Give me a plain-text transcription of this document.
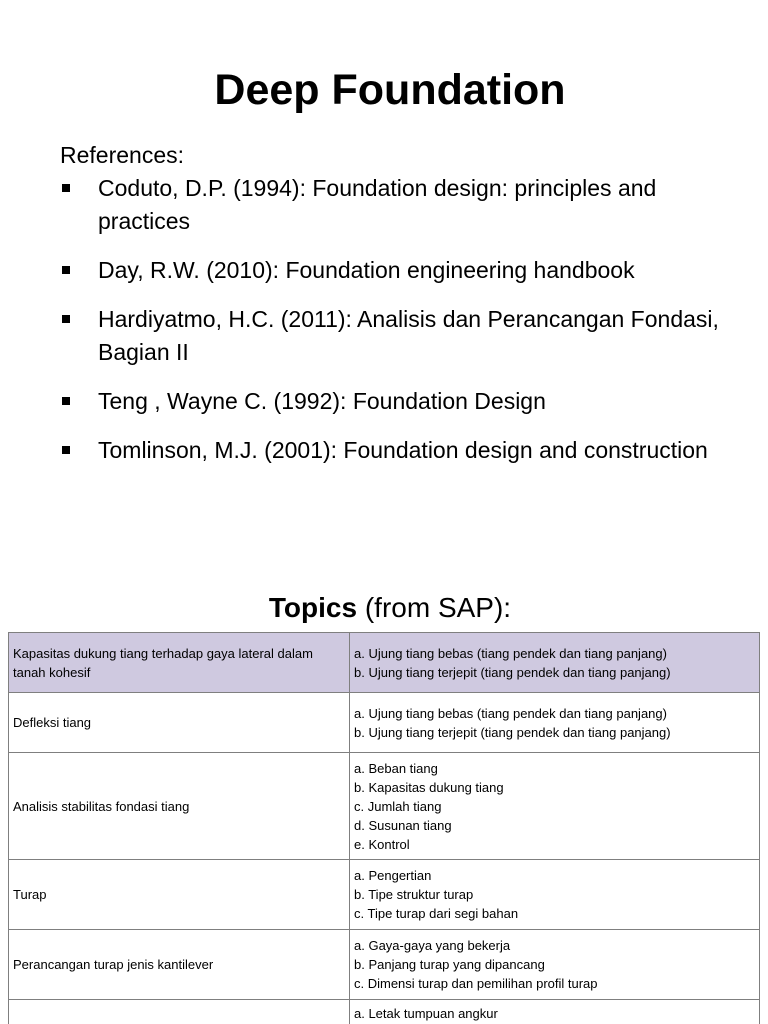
Deep Foundation
References:
Coduto, D.P. (1994): Foundation design: principles and practices
Day, R.W. (2010): Foundation engineering handbook
Hardiyatmo, H.C. (2011): Analisis dan Perancangan Fondasi, Bagian II
Teng , Wayne C. (1992): Foundation Design
Tomlinson, M.J. (2001): Foundation design and construction
Topics (from SAP):
Kapasitas dukung tiang terhadap gaya lateral dalam tanah kohesif	a. Ujung tiang bebas (tiang pendek dan tiang panjang)
b. Ujung tiang terjepit (tiang pendek dan tiang panjang)

Defleksi tiang	a. Ujung tiang bebas (tiang pendek dan tiang panjang)
b. Ujung tiang terjepit (tiang pendek dan tiang panjang)

Analisis stabilitas fondasi tiang	a. Beban tiang
b. Kapasitas dukung tiang
c. Jumlah tiang
d. Susunan tiang
e. Kontrol

Turap	a. Pengertian
b. Tipe struktur turap
c. Tipe turap dari segi bahan

Perancangan turap jenis kantilever	a. Gaya-gaya yang bekerja
b. Panjang turap yang dipancang
c. Dimensi turap dan pemilihan profil turap

	a. Letak tumpuan angkur
